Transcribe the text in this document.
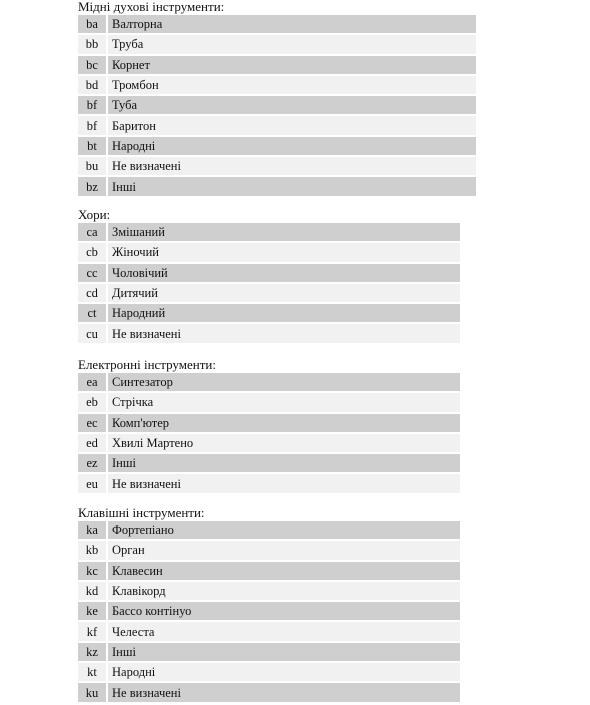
Мідні духові інструменти:
ba	Валторна
bb	Труба
bc	Корнет
bd	Тромбон
bf	Туба
bf	Баритон
bt	Народні
bu	Не визначені
bz	Інші
Хори:
ca	Змішаний
cb	Жіночий
cc	Чоловічий
cd	Дитячий
ct	Народний
cu	Не визначені
Електронні інструменти:
ea	Синтезатор
eb	Стрічка
ec	Комп'ютер
ed	Хвилі Мартено
ez	Інші
eu	Не визначені
Клавішні інструменти:
ka	Фортепіано
kb	Орган
kc	Клавесин
kd	Клавікорд
ke	Бассо контінуо
kf	Челеста
kz	Інші
kt	Народні
ku	Не визначені
